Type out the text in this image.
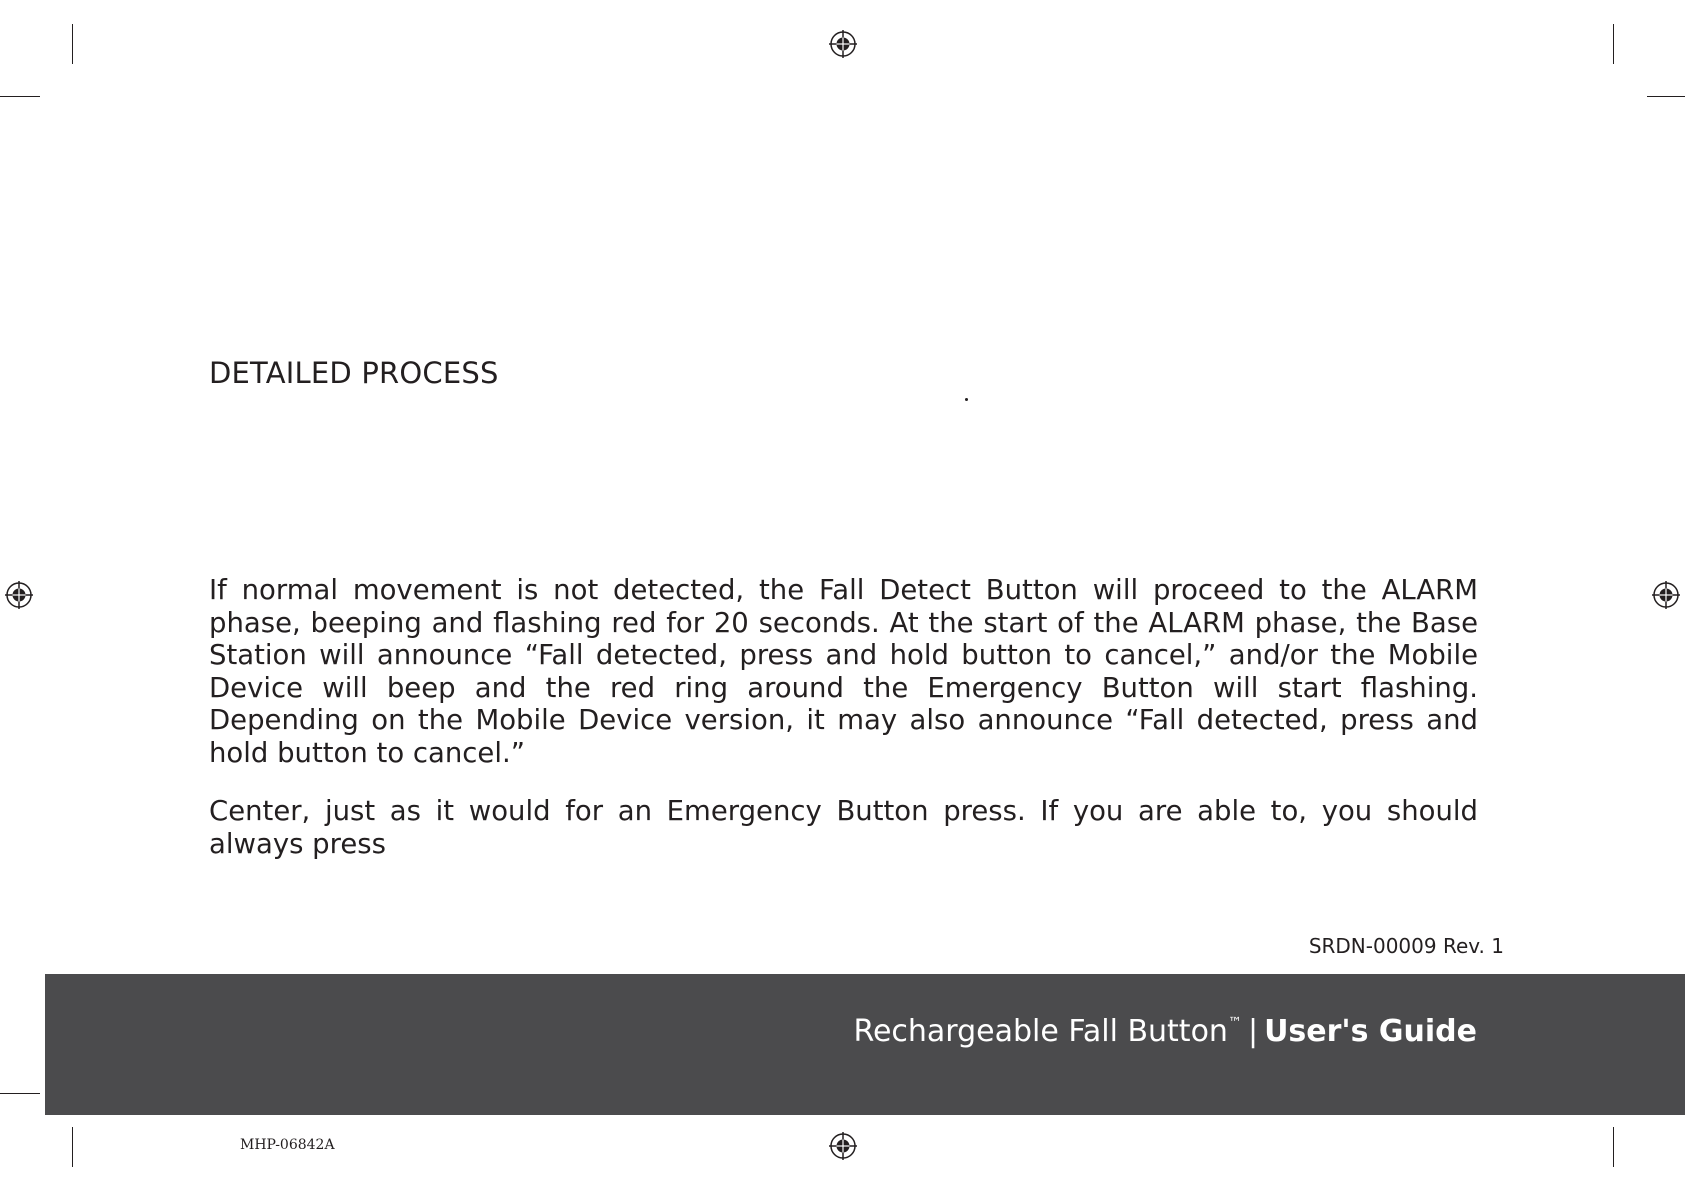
DETAILED PROCESS

If normal movement is not detected, the Fall Detect Button will proceed to the ALARM phase, beeping and flashing red for 20 seconds. At the start of the ALARM phase, the Base Station will announce “Fall detected, press and hold button to cancel,” and/or the Mobile Device will beep and the red ring around the Emergency Button will start flashing. Depending on the Mobile Device version, it may also announce “Fall detected, press and hold button to cancel.”

Center, just as it would for an Emergency Button press. If you are able to, you should always press

SRDN-00009 Rev. 1
Rechargeable Fall Button™ | User's Guide
MHP-06842A
